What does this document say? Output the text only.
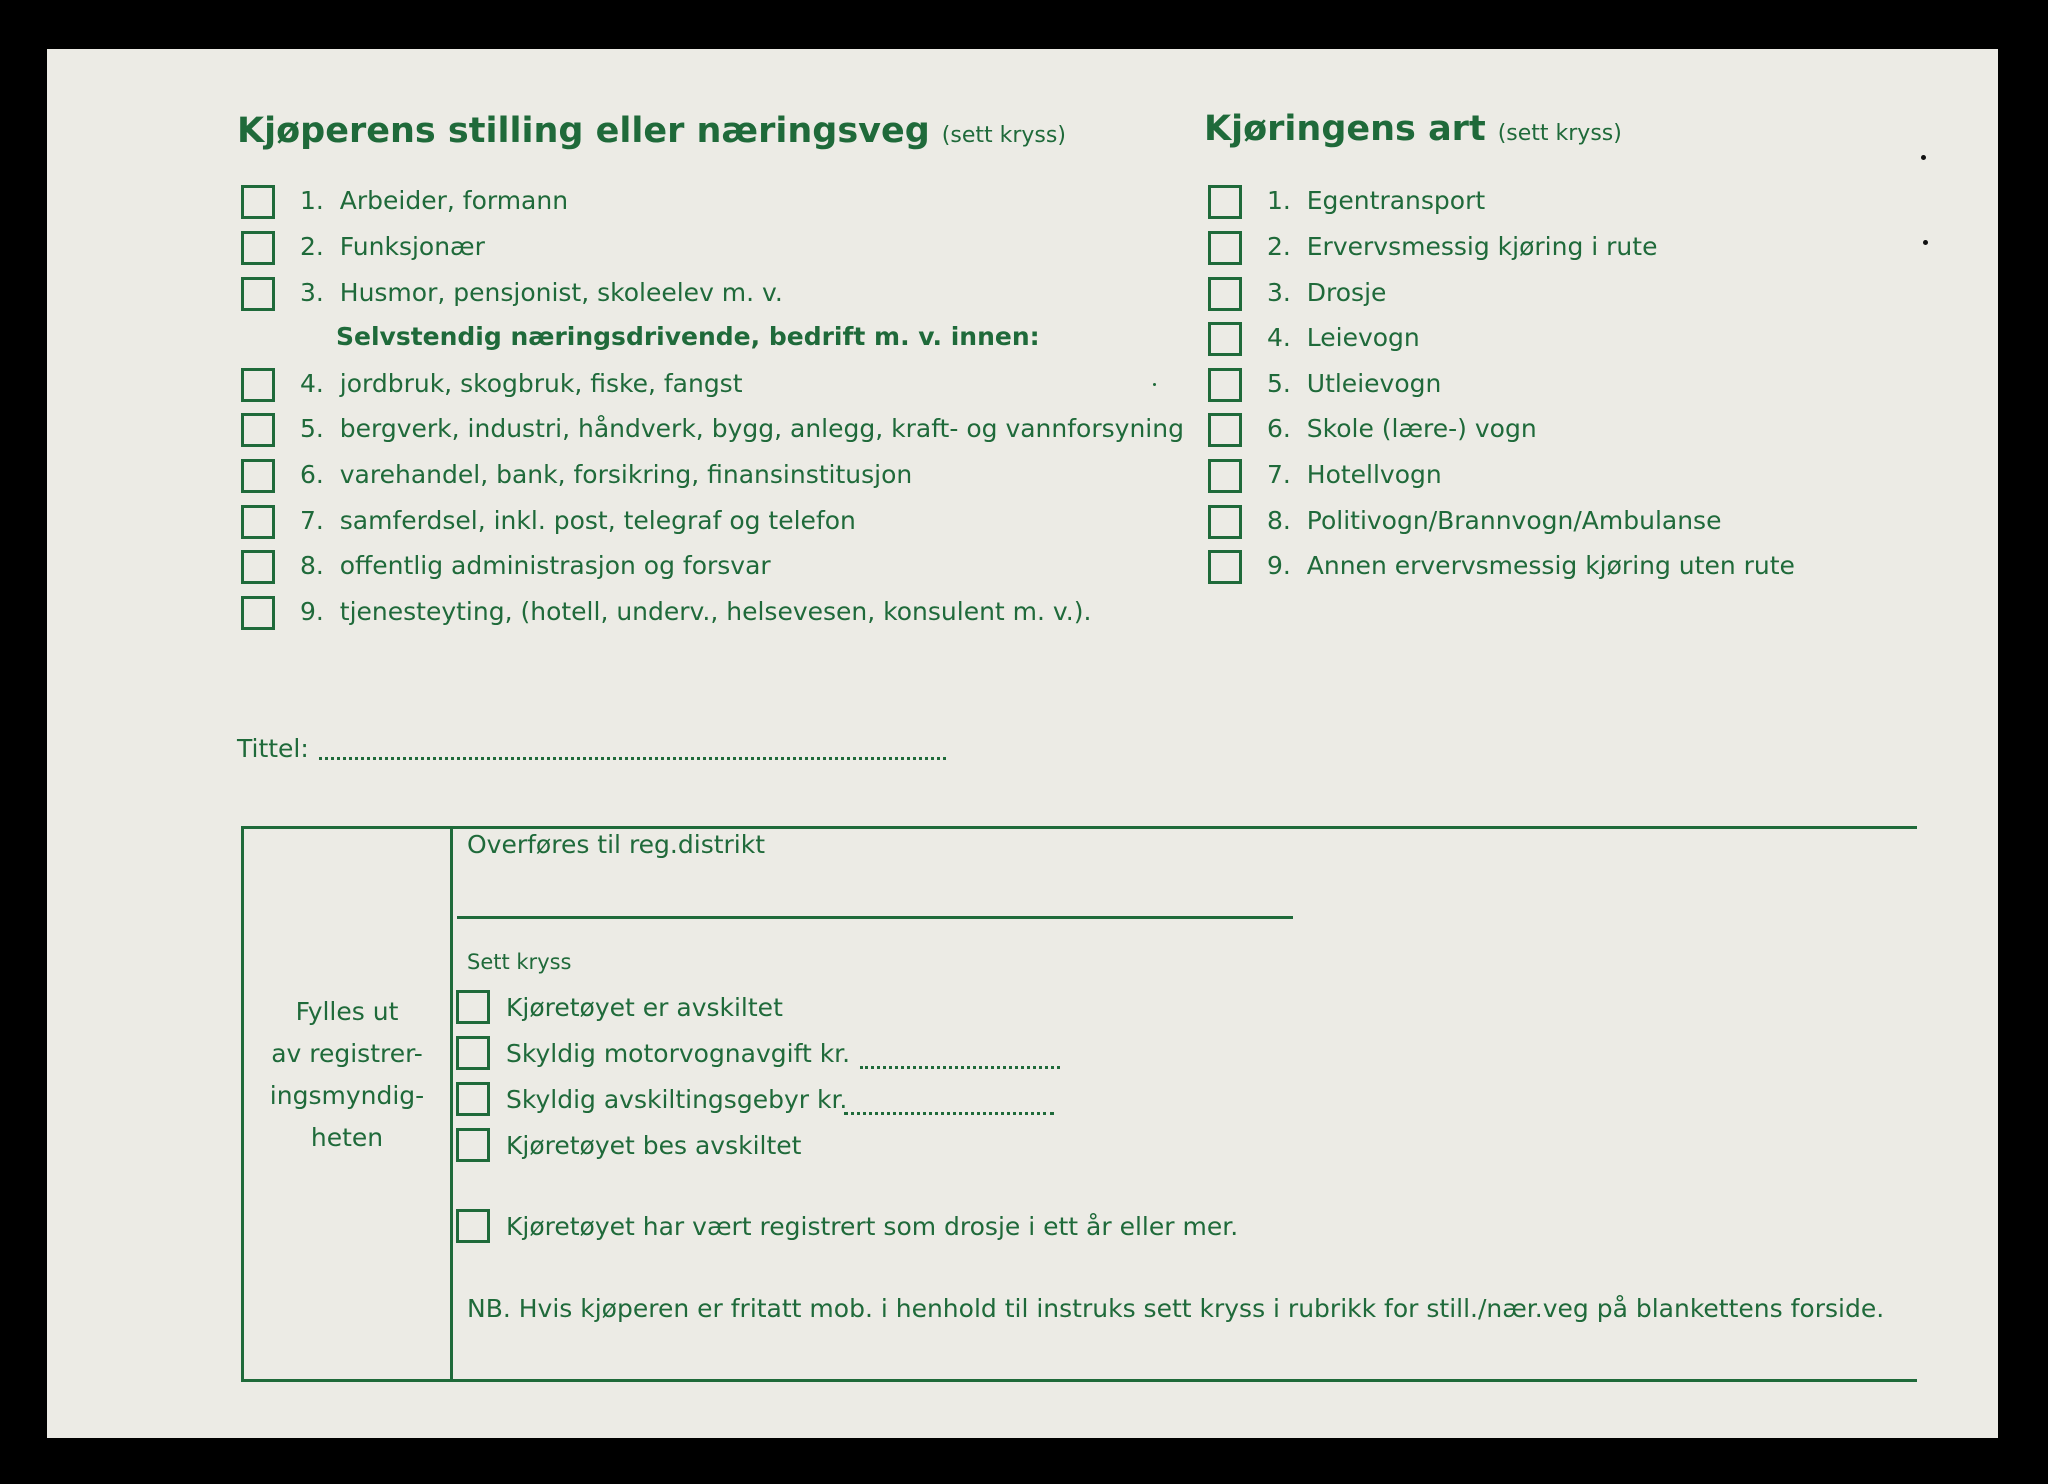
Kjøperens stilling eller næringsveg (sett kryss)
1. Arbeider, formann
2. Funksjonær
3. Husmor, pensjonist, skoleelev m. v.
Selvstendig næringsdrivende, bedrift m. v. innen:
4. jordbruk, skogbruk, fiske, fangst
5. bergverk, industri, håndverk, bygg, anlegg, kraft- og vannforsyning
6. varehandel, bank, forsikring, finansinstitusjon
7. samferdsel, inkl. post, telegraf og telefon
8. offentlig administrasjon og forsvar
9. tjenesteyting, (hotell, underv., helsevesen, konsulent m. v.).
Kjøringens art (sett kryss)
1. Egentransport
2. Ervervsmessig kjøring i rute
3. Drosje
4. Leievogn
5. Utleievogn
6. Skole (lære-) vogn
7. Hotellvogn
8. Politivogn/Brannvogn/Ambulanse
9. Annen ervervsmessig kjøring uten rute
Tittel:
Fylles ut
av registrer-
ingsmyndig-
heten
Overføres til reg.distrikt
Sett kryss
Kjøretøyet er avskiltet
Skyldig motorvognavgift kr.
Skyldig avskiltingsgebyr kr.
Kjøretøyet bes avskiltet
Kjøretøyet har vært registrert som drosje i ett år eller mer.
NB. Hvis kjøperen er fritatt mob. i henhold til instruks sett kryss i rubrikk for still./nær.veg på blankettens forside.
